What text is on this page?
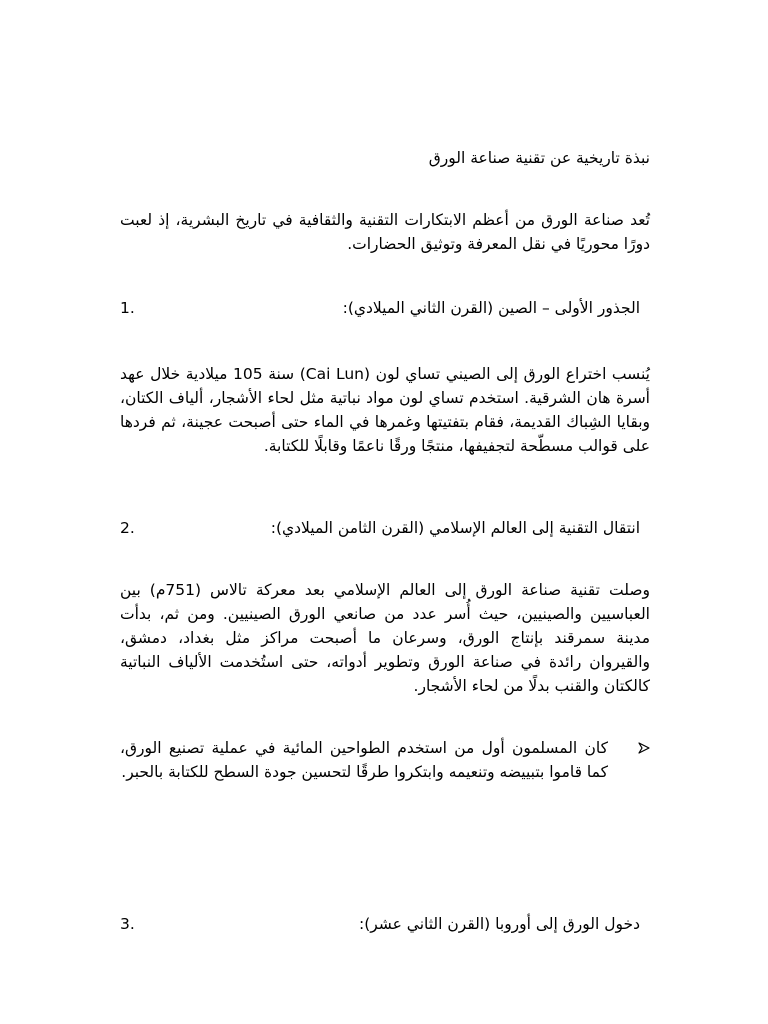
نبذة تاريخية عن تقنية صناعة الورق
تُعد صناعة الورق من أعظم الابتكارات التقنية والثقافية في تاريخ البشرية، إذ لعبت دورًا محوريًا في نقل المعرفة وتوثيق الحضارات.
الجذور الأولى – الصين (القرن الثاني الميلادي):
1.
يُنسب اختراع الورق إلى الصيني تساي لون (Cai Lun) سنة 105 ميلادية خلال عهد أسرة هان الشرقية. استخدم تساي لون مواد نباتية مثل لحاء الأشجار، ألياف الكتان، وبقايا الشِباك القديمة، فقام بتفتيتها وغمرها في الماء حتى أصبحت عجينة، ثم فردها على قوالب مسطّحة لتجفيفها، منتجًا ورقًا ناعمًا وقابلًا للكتابة.
انتقال التقنية إلى العالم الإسلامي (القرن الثامن الميلادي):
2.
وصلت تقنية صناعة الورق إلى العالم الإسلامي بعد معركة تالاس (751م) بين العباسيين والصينيين، حيث أُسر عدد من صانعي الورق الصينيين. ومن ثم، بدأت مدينة سمرقند بإنتاج الورق، وسرعان ما أصبحت مراكز مثل بغداد، دمشق، والقيروان رائدة في صناعة الورق وتطوير أدواته، حتى استُخدمت الألياف النباتية كالكتان والقنب بدلًا من لحاء الأشجار.
كان المسلمون أول من استخدم الطواحين المائية في عملية تصنيع الورق، كما قاموا بتبييضه وتنعيمه وابتكروا طرقًا لتحسين جودة السطح للكتابة بالحبر.
دخول الورق إلى أوروبا (القرن الثاني عشر):
3.
